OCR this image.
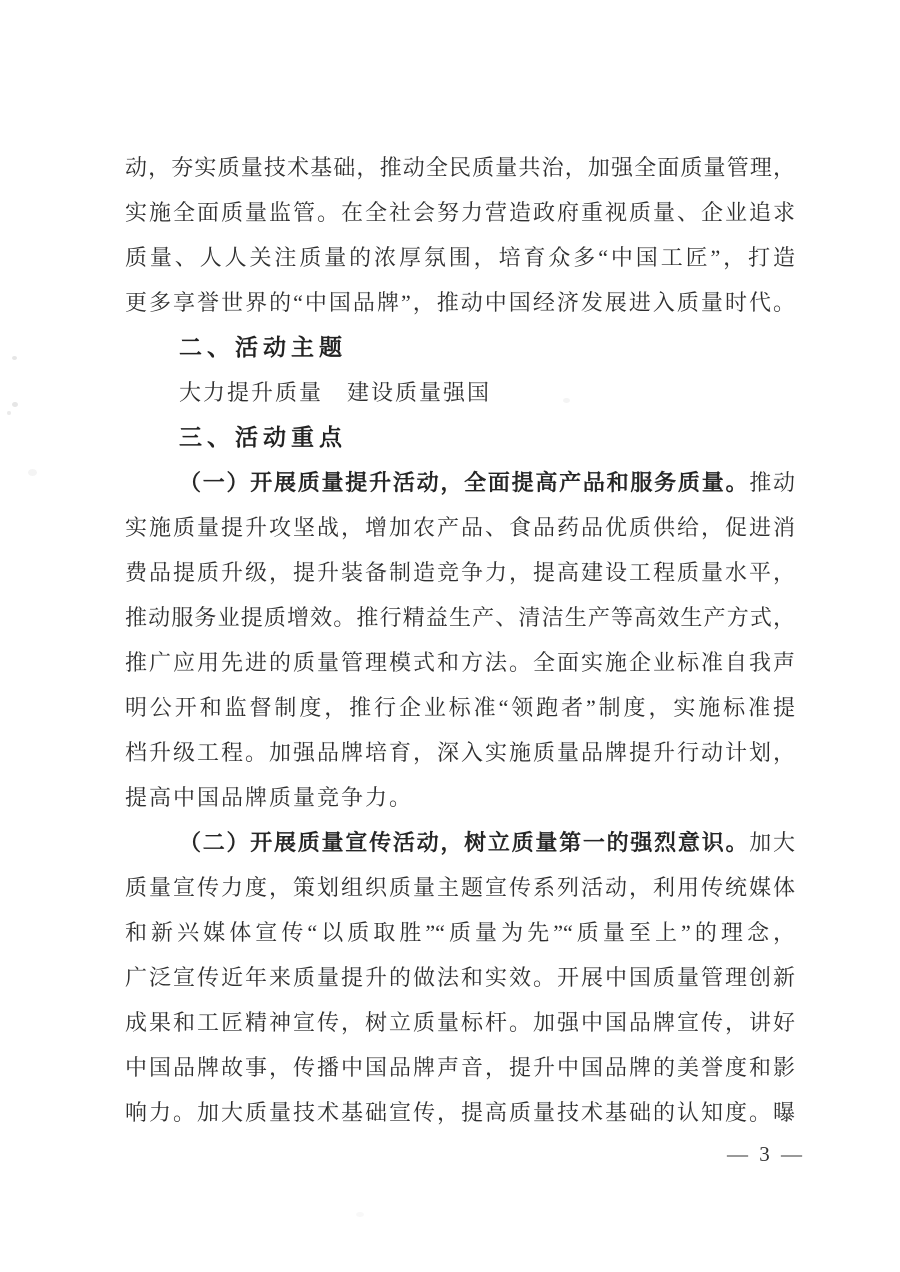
动，夯实质量技术基础，推动全民质量共治，加强全面质量管理，
实施全面质量监管。在全社会努力营造政府重视质量、企业追求
质量、人人关注质量的浓厚氛围，培育众多“中国工匠”，打造
更多享誉世界的“中国品牌”，推动中国经济发展进入质量时代。
二、活动主题
大力提升质量　建设质量强国
三、活动重点
（一）开展质量提升活动，全面提高产品和服务质量。推动
实施质量提升攻坚战，增加农产品、食品药品优质供给，促进消
费品提质升级，提升装备制造竞争力，提高建设工程质量水平，
推动服务业提质增效。推行精益生产、清洁生产等高效生产方式，
推广应用先进的质量管理模式和方法。全面实施企业标准自我声
明公开和监督制度，推行企业标准“领跑者”制度，实施标准提
档升级工程。加强品牌培育，深入实施质量品牌提升行动计划，
提高中国品牌质量竞争力。
（二）开展质量宣传活动，树立质量第一的强烈意识。加大
质量宣传力度，策划组织质量主题宣传系列活动，利用传统媒体
和新兴媒体宣传“以质取胜”“质量为先”“质量至上”的理念，
广泛宣传近年来质量提升的做法和实效。开展中国质量管理创新
成果和工匠精神宣传，树立质量标杆。加强中国品牌宣传，讲好
中国品牌故事，传播中国品牌声音，提升中国品牌的美誉度和影
响力。加大质量技术基础宣传，提高质量技术基础的认知度。曝
— 3 —
